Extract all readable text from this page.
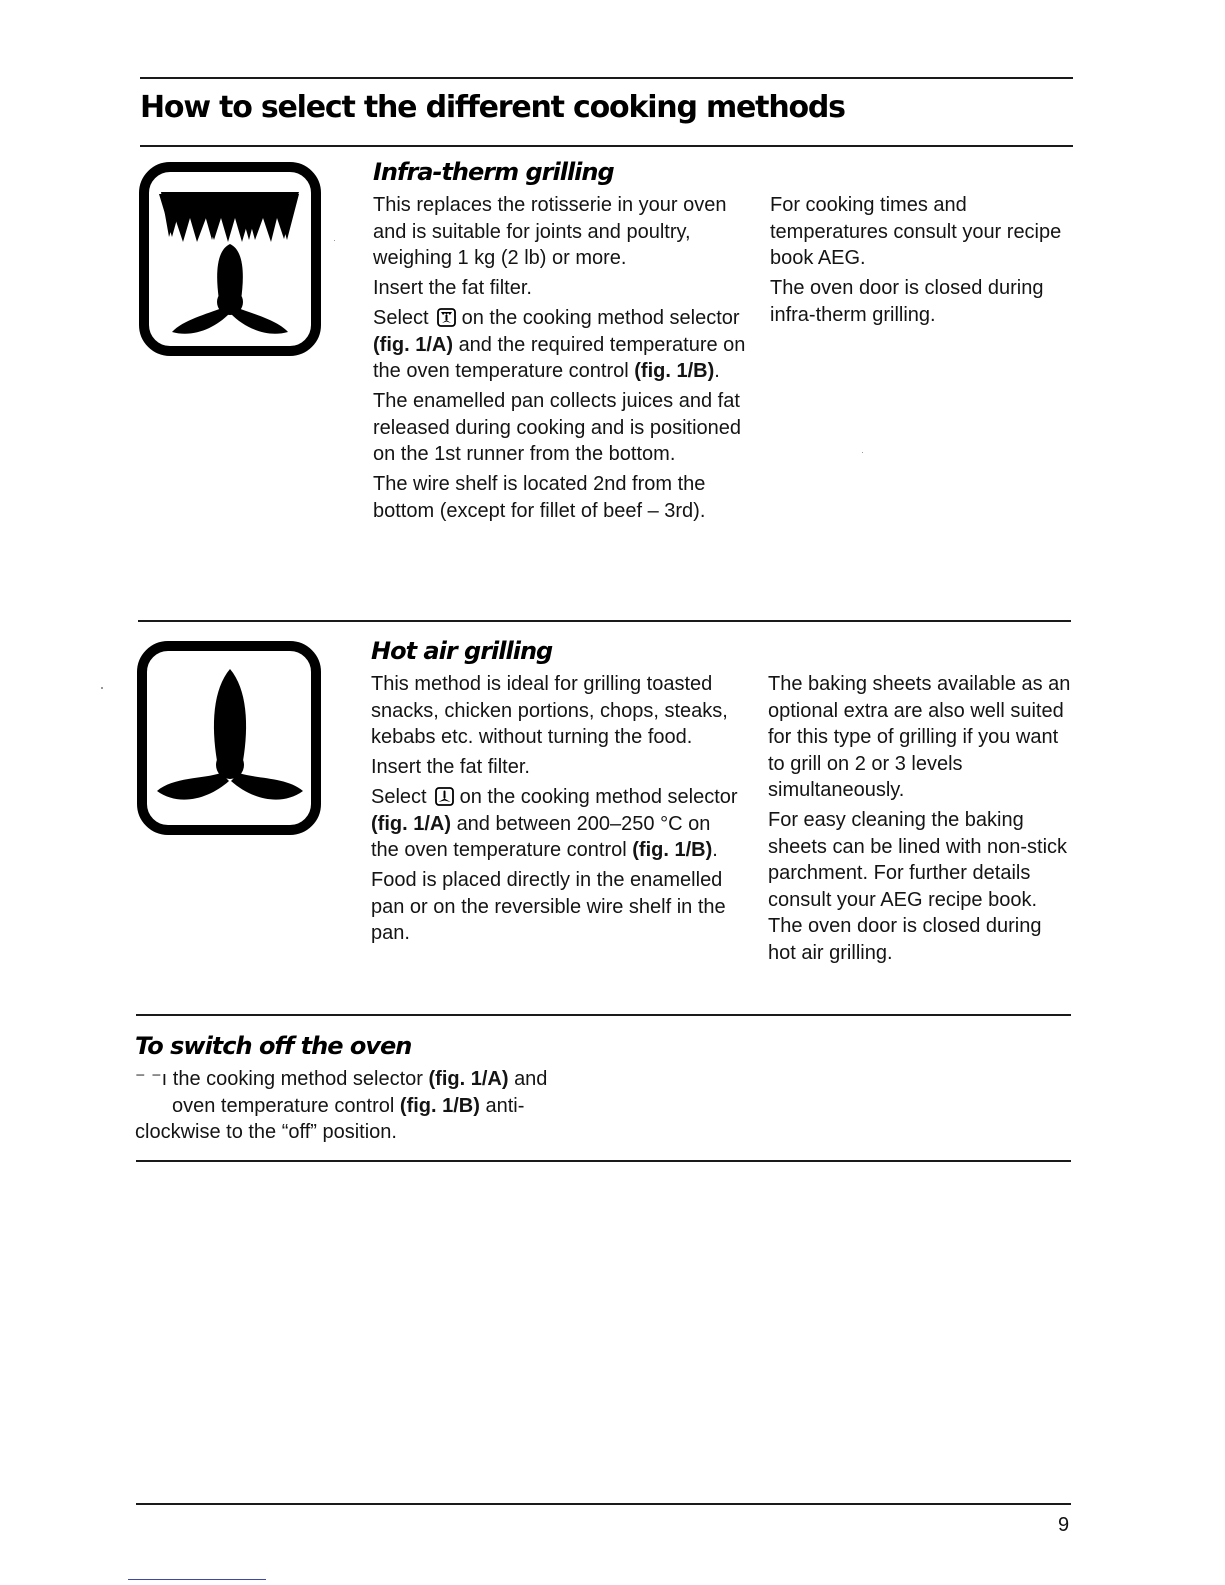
How to select the different cooking methods
Infra-therm grilling

This replaces the rotisserie in your oven and is suitable for joints and poultry, weighing 1 kg (2 lb) or more.

Insert the fat filter.

Select on the cooking method selector (fig. 1/A) and the required temperature on the oven temperature control (fig. 1/B).

The enamelled pan collects juices and fat released during cooking and is positioned on the 1st runner from the bottom.

The wire shelf is located 2nd from the bottom (except for fillet of beef – 3rd).

For cooking times and temperatures consult your recipe book AEG.

The oven door is closed during infra-therm grilling.

Hot air grilling

This method is ideal for grilling toasted snacks, chicken portions, chops, steaks, kebabs etc. without turning the food.

Insert the fat filter.

Select on the cooking method selector (fig. 1/A) and between 200–250 °C on the oven temperature control (fig. 1/B).

Food is placed directly in the enamelled pan or on the reversible wire shelf in the pan.

The baking sheets available as an optional extra are also well suited for this type of grilling if you want to grill on 2 or 3 levels simultaneously.

For easy cleaning the baking sheets can be lined with non-stick parchment. For further details consult your AEG recipe book. The oven door is closed during hot air grilling.

To switch off the oven
⁻ ⁻ı the cooking method selector (fig. 1/A) and
oven temperature control (fig. 1/B) anti-
clockwise to the “off” position.
9
